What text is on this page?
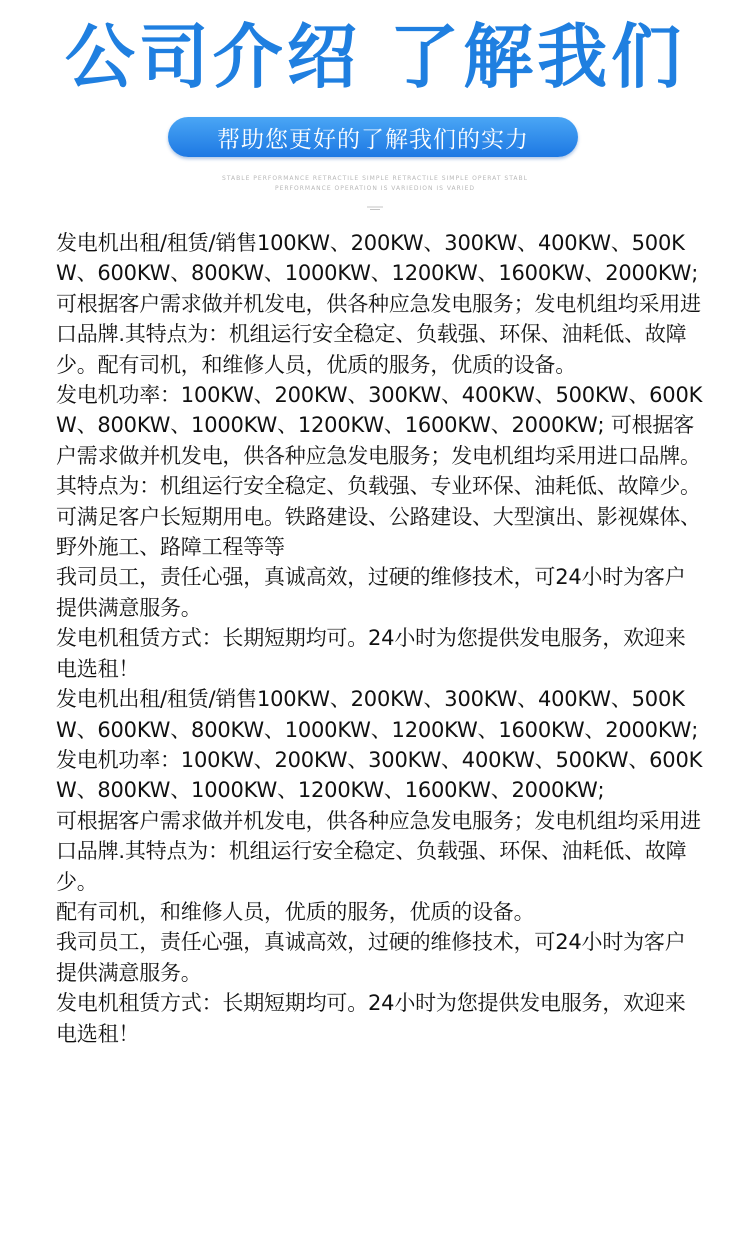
公司介绍 了解我们
帮助您更好的了解我们的实力
STABLE PERFORMANCE RETRACTILE SIMPLE RETRACTILE SIMPLE OPERAT STABL
PERFORMANCE OPERATION IS VARIEDION IS VARIED

发电机出租/租赁/销售100KW、200KW、300KW、400KW、500KW、600KW、800KW、1000KW、1200KW、1600KW、2000KW;

可根据客户需求做并机发电，供各种应急发电服务；发电机组均采用进口品牌.其特点为：机组运行安全稳定、负载强、环保、油耗低、故障少。配有司机，和维修人员，优质的服务，优质的设备。

发电机功率：100KW、200KW、300KW、400KW、500KW、600KW、800KW、1000KW、1200KW、1600KW、2000KW; 可根据客户需求做并机发电，供各种应急发电服务；发电机组均采用进口品牌。

其特点为：机组运行安全稳定、负载强、专业环保、油耗低、故障少。

可满足客户长短期用电。铁路建设、公路建设、大型演出、影视媒体、野外施工、路障工程等等

我司员工，责任心强，真诚高效，过硬的维修技术，可24小时为客户提供满意服务。

发电机租赁方式：长期短期均可。24小时为您提供发电服务，欢迎来电选租！

发电机出租/租赁/销售100KW、200KW、300KW、400KW、500KW、600KW、800KW、1000KW、1200KW、1600KW、2000KW;

发电机功率：100KW、200KW、300KW、400KW、500KW、600KW、800KW、1000KW、1200KW、1600KW、2000KW;

可根据客户需求做并机发电，供各种应急发电服务；发电机组均采用进口品牌.其特点为：机组运行安全稳定、负载强、环保、油耗低、故障少。

配有司机，和维修人员，优质的服务，优质的设备。

我司员工，责任心强，真诚高效，过硬的维修技术，可24小时为客户提供满意服务。

发电机租赁方式：长期短期均可。24小时为您提供发电服务，欢迎来电选租！
